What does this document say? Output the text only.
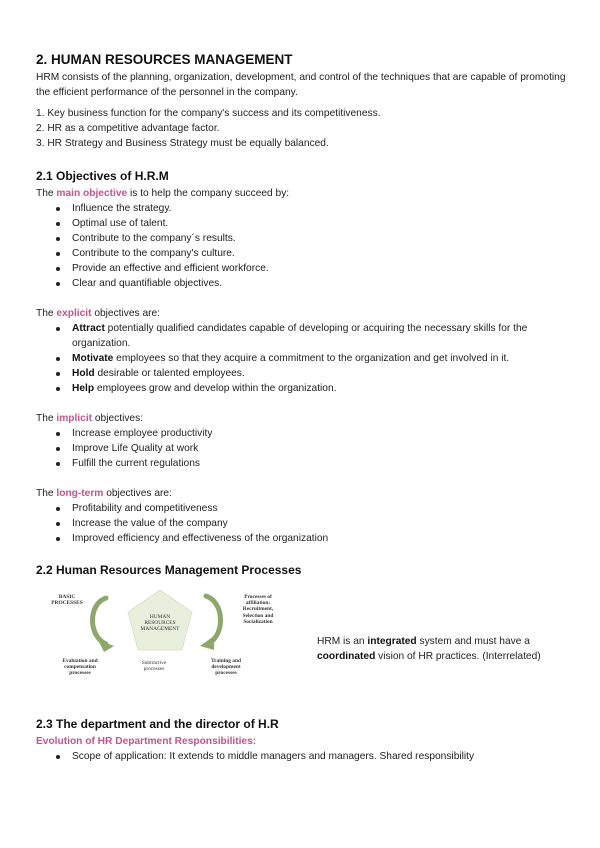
2. HUMAN RESOURCES MANAGEMENT

HRM consists of the planning, organization, development, and control of the techniques that are capable of promoting the efficient performance of the personnel in the company.

1. Key business function for the company's success and its competitiveness.

2. HR as a competitive advantage factor.

3. HR Strategy and Business Strategy must be equally balanced.

2.1 Objectives of H.R.M

The main objective is to help the company succeed by:

Influence the strategy.
Optimal use of talent.
Contribute to the company´s results.
Contribute to the company's culture.
Provide an effective and efficient workforce.
Clear and quantifiable objectives.

The explicit objectives are:

Attract potentially qualified candidates capable of developing or acquiring the necessary skills for the organization.
Motivate employees so that they acquire a commitment to the organization and get involved in it.
Hold desirable or talented employees.
Help employees grow and develop within the organization.

The implicit objectives:

Increase employee productivity
Improve Life Quality at work
Fulfill the current regulations

The long-term objectives are:

Profitability and competitiveness
Increase the value of the company
Improved efficiency and effectiveness of the organization
2.2 Human Resources Management Processes
BASIC PROCESSES
HUMAN RESOURCES MANAGEMENT
Processes of affiliation: Recruitment, Selection and Socialization
Evaluation and compensation processes
Subtractive processes
Training and development processes

HRM is an integrated system and must have a coordinated vision of HR practices. (Interrelated)

2.3 The department and the director of H.R

Evolution of HR Department Responsibilities:

Scope of application: It extends to middle managers and managers. Shared responsibility
